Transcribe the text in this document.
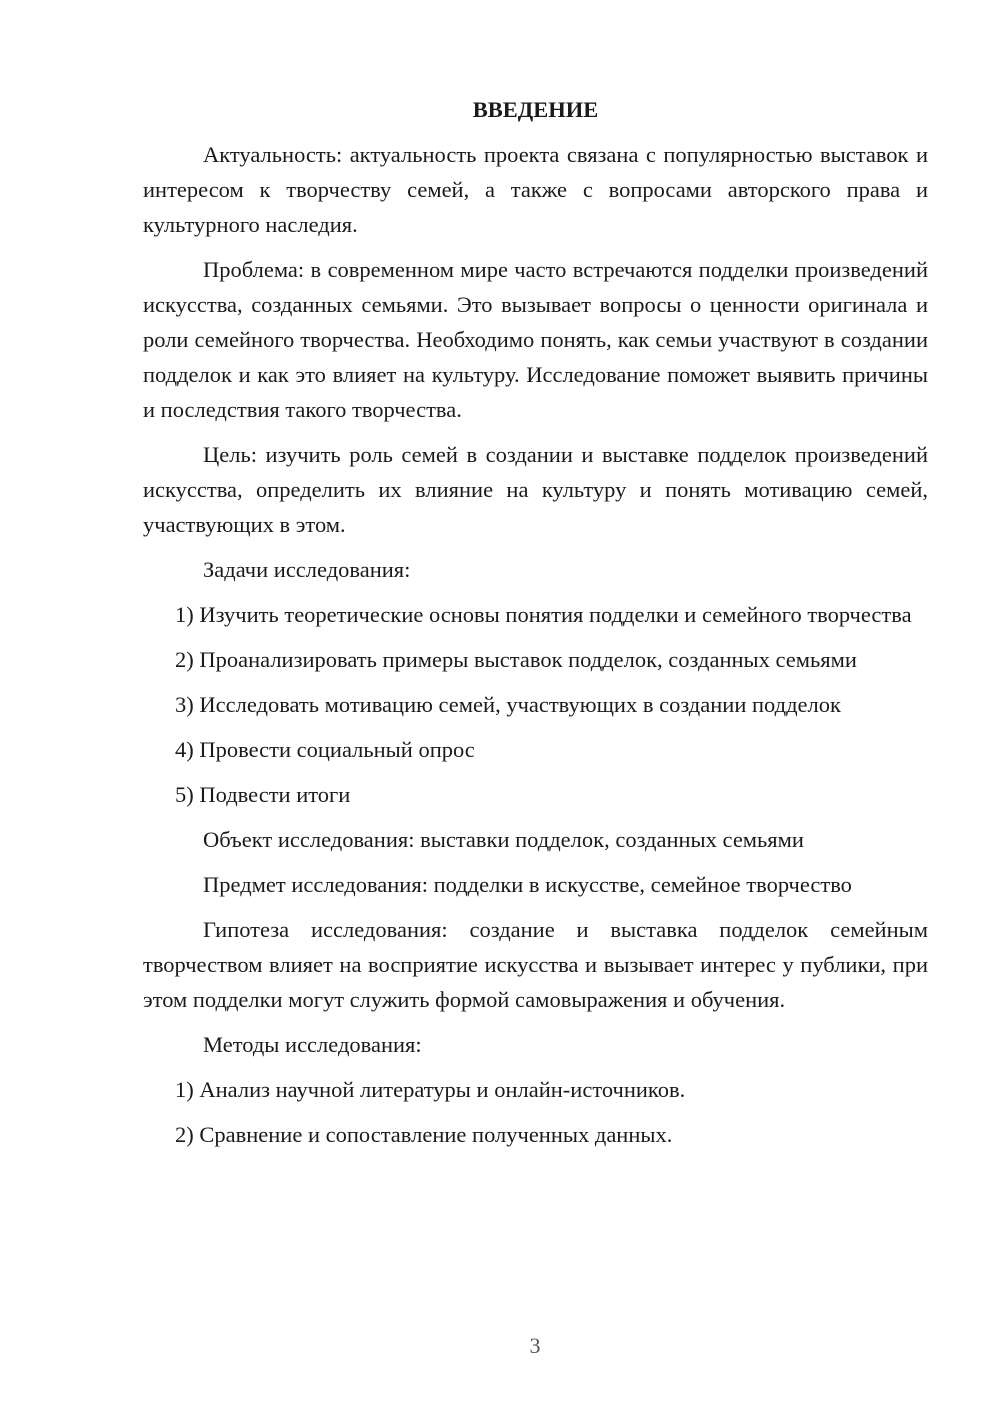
ВВЕДЕНИЕ

Актуальность: актуальность проекта связана с популярностью выставок и интересом к творчеству семей, а также с вопросами авторского права и культурного наследия.

Проблема: в современном мире часто встречаются подделки произведений искусства, созданных семьями. Это вызывает вопросы о ценности оригинала и роли семейного творчества. Необходимо понять, как семьи участвуют в создании подделок и как это влияет на культуру. Исследование поможет выявить причины и последствия такого творчества.

Цель: изучить роль семей в создании и выставке подделок произведений искусства, определить их влияние на культуру и понять мотивацию семей, участвующих в этом.

Задачи исследования:

1) Изучить теоретические основы понятия подделки и семейного творчества

2) Проанализировать примеры выставок подделок, созданных семьями

3) Исследовать мотивацию семей, участвующих в создании подделок

4) Провести социальный опрос

5) Подвести итоги

Объект исследования: выставки подделок, созданных семьями

Предмет исследования: подделки в искусстве, семейное творчество

Гипотеза исследования: создание и выставка подделок семейным творчеством влияет на восприятие искусства и вызывает интерес у публики, при этом подделки могут служить формой самовыражения и обучения.

Методы исследования:

1) Анализ научной литературы и онлайн-источников.

2) Сравнение и сопоставление полученных данных.

3
